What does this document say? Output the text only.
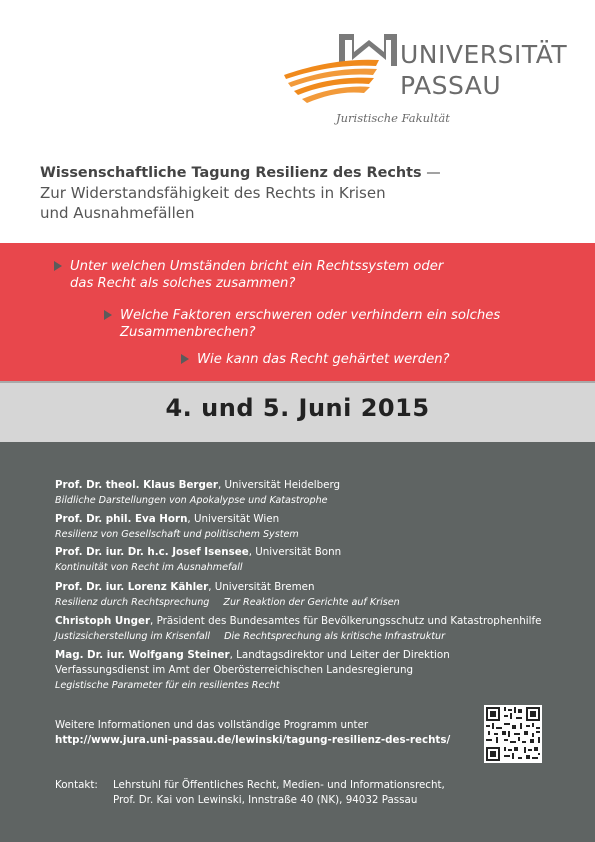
UNIVERSITÄT
PASSAU
Juristische Fakultät
Wissenschaftliche Tagung Resilienz des Rechts —
Zur Widerstandsfähigkeit des Rechts in Krisen
und Ausnahmefällen
Unter welchen Umständen bricht ein Rechtssystem oder
das Recht als solches zusammen?
Welche Faktoren erschweren oder verhindern ein solches
Zusammenbrechen?
Wie kann das Recht gehärtet werden?
4. und 5. Juni 2015
Prof. Dr. theol. Klaus Berger, Universität Heidelberg
Bildliche Darstellungen von Apokalypse und Katastrophe
Prof. Dr. phil. Eva Horn, Universität Wien
Resilienz von Gesellschaft und politischem System
Prof. Dr. iur. Dr. h.c. Josef Isensee, Universität Bonn
Kontinuität von Recht im Ausnahmefall
Prof. Dr. iur. Lorenz Kähler, Universität Bremen
Resilienz durch Rechtsprechung Zur Reaktion der Gerichte auf Krisen
Christoph Unger, Präsident des Bundesamtes für Bevölkerungsschutz und Katastrophenhilfe
Justizsicherstellung im Krisenfall Die Rechtsprechung als kritische Infrastruktur
Mag. Dr. iur. Wolfgang Steiner, Landtagsdirektor und Leiter der Direktion
Verfassungsdienst im Amt der Oberösterreichischen Landesregierung
Legistische Parameter für ein resilientes Recht
Weitere Informationen und das vollständige Programm unter
http://www.jura.uni-passau.de/lewinski/tagung-resilienz-des-rechts/
Kontakt: Lehrstuhl für Öffentliches Recht, Medien- und Informationsrecht,
Prof. Dr. Kai von Lewinski, Innstraße 40 (NK), 94032 Passau
